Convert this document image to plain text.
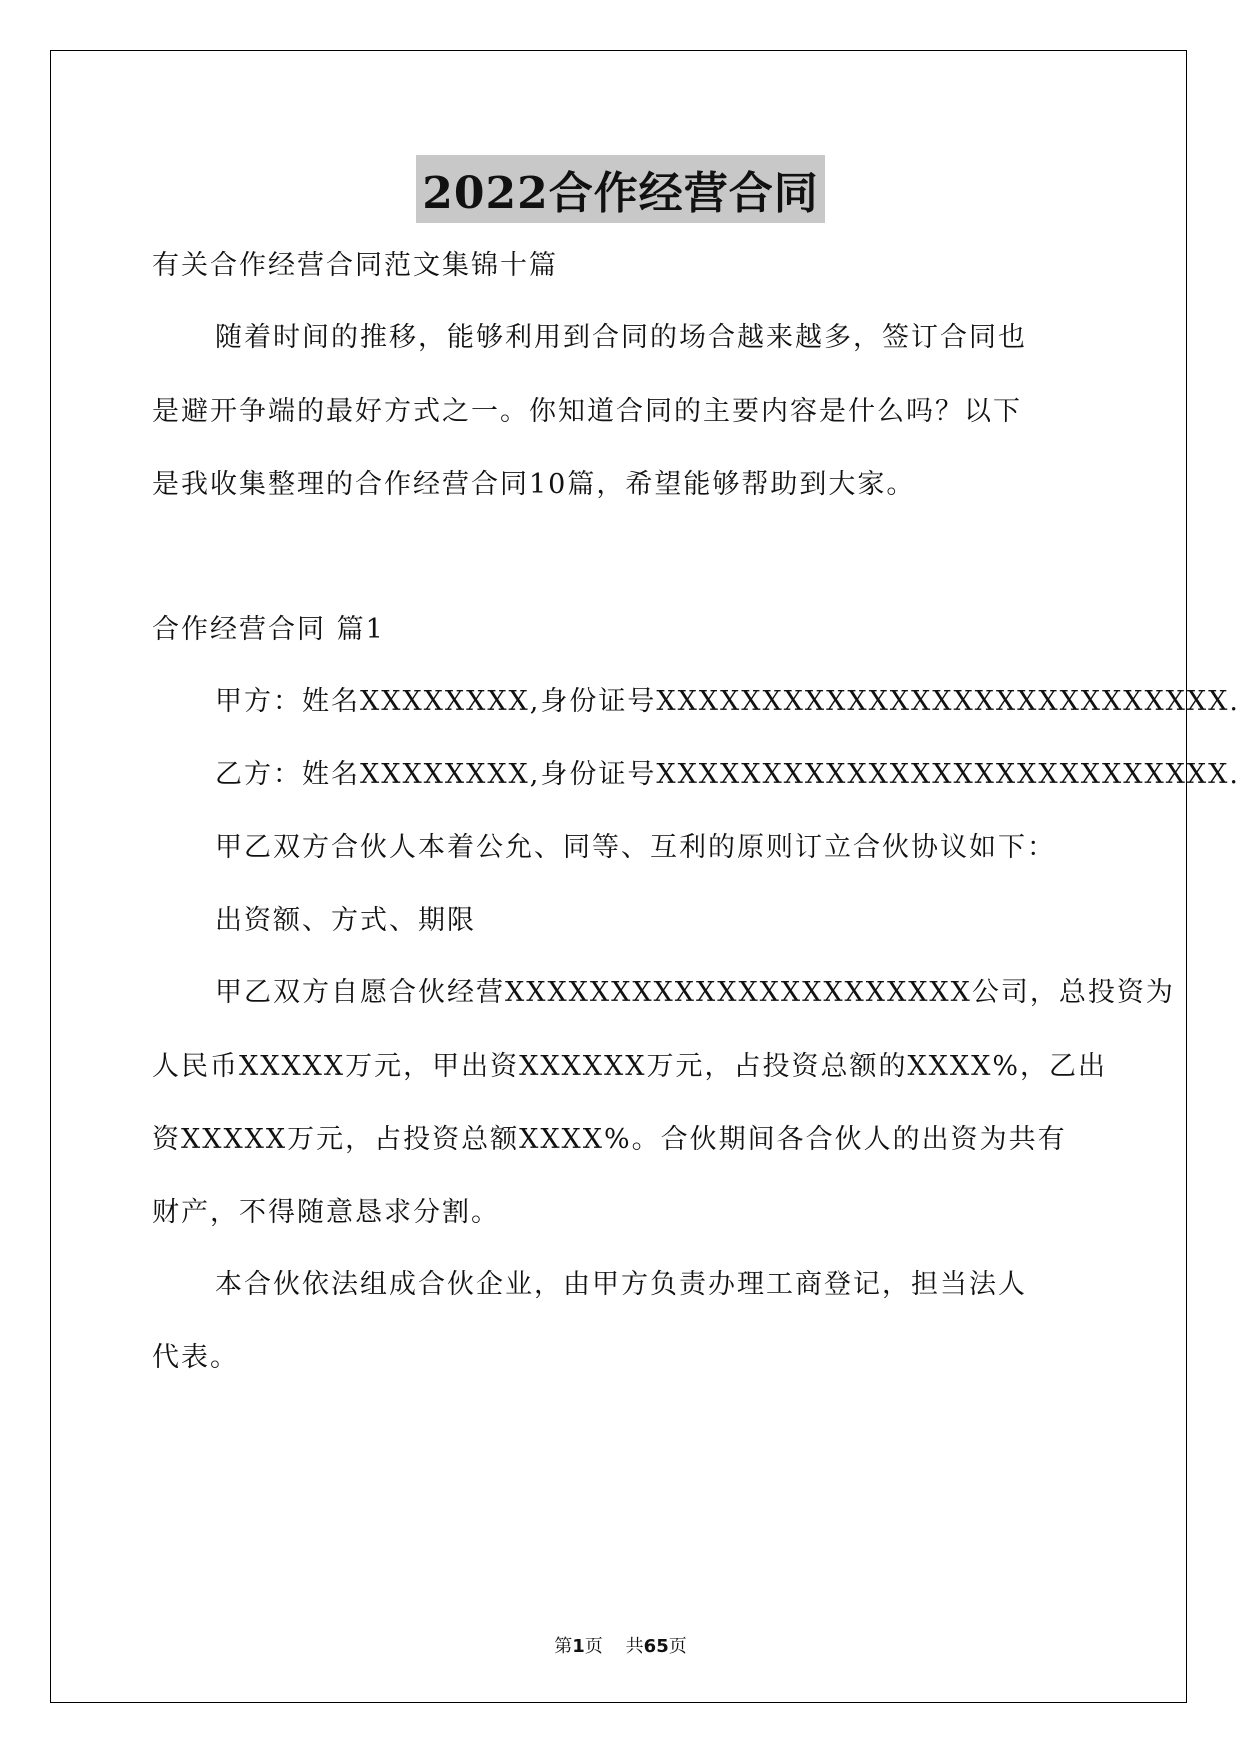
2022合作经营合同
有关合作经营合同范文集锦十篇
随着时间的推移，能够利用到合同的场合越来越多，签订合同也
是避开争端的最好方式之一。你知道合同的主要内容是什么吗？以下
是我收集整理的合作经营合同10篇，希望能够帮助到大家。
合作经营合同 篇1
甲方：姓名XXXXXXXX,身份证号XXXXXXXXXXXXXXXXXXXXXXXXXXX.
乙方：姓名XXXXXXXX,身份证号XXXXXXXXXXXXXXXXXXXXXXXXXXX.
甲乙双方合伙人本着公允、同等、互利的原则订立合伙协议如下：
出资额、方式、期限
甲乙双方自愿合伙经营XXXXXXXXXXXXXXXXXXXXXX公司，总投资为
人民币XXXXX万元，甲出资XXXXXX万元，占投资总额的XXXX%，乙出
资XXXXX万元，占投资总额XXXX%。合伙期间各合伙人的出资为共有
财产，不得随意恳求分割。
本合伙依法组成合伙企业，由甲方负责办理工商登记，担当法人
代表。
第1页    共65页
